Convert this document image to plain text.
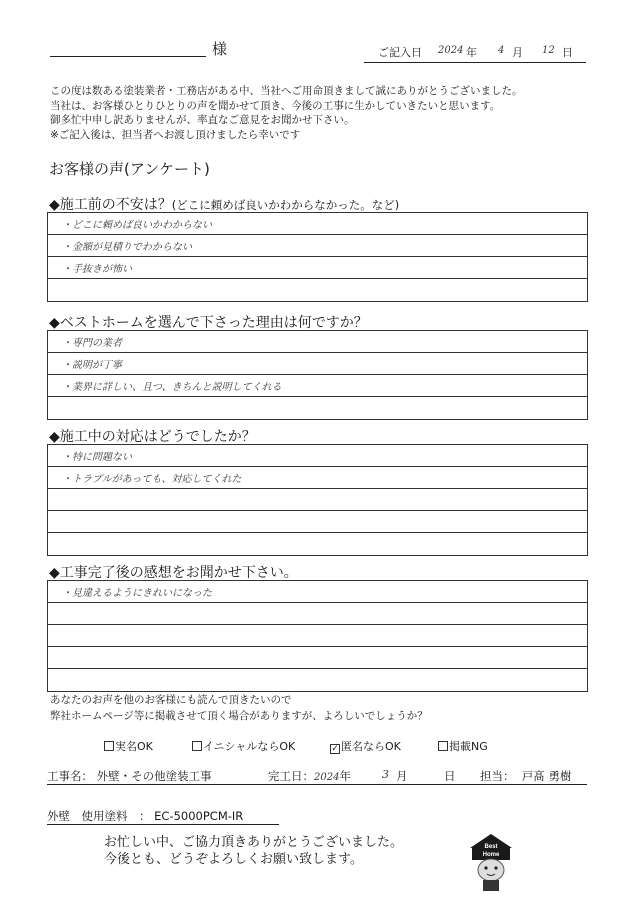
様	ご記入日 2024 年 4 月 12 日
この度は数ある塗装業者・工務店がある中、当社へご用命頂きまして誠にありがとうございました。
当社は、お客様ひとりひとりの声を聞かせて頂き、今後の工事に生かしていきたいと思います。
御多忙中申し訳ありませんが、率直なご意見をお聞かせ下さい。
※ご記入後は、担当者へお渡し頂けましたら幸いです
お客様の声(アンケート)
◆施工前の不安は？(どこに頼めば良いかわからなかった。など)
・どこに頼めば良いかわからない
・金額が見積りでわからない
・手抜きが怖い
◆ベストホームを選んで下さった理由は何ですか？
・専門の業者
・説明が丁寧
・業界に詳しい、且つ、きちんと説明してくれる
◆施工中の対応はどうでしたか？
・特に問題ない
・トラブルがあっても、対応してくれた
◆工事完了後の感想をお聞かせ下さい。
・見違えるようにきれいになった
あなたのお声を他のお客様にも読んで頂きたいので
弊社ホームページ等に掲載させて頂く場合がありますが、よろしいでしょうか？
実名OK	イニシャルならOK	✓ 匿名ならOK	掲載NG
工事名： 外壁・その他塗装工事	完工日：2024年	3 月	日 担当： 戸髙 勇樹
外壁　使用塗料　： EC-5000PCM-IR
お忙しい中、ご協力頂きありがとうございました。
今後とも、どうぞよろしくお願い致します。
Best
Home
